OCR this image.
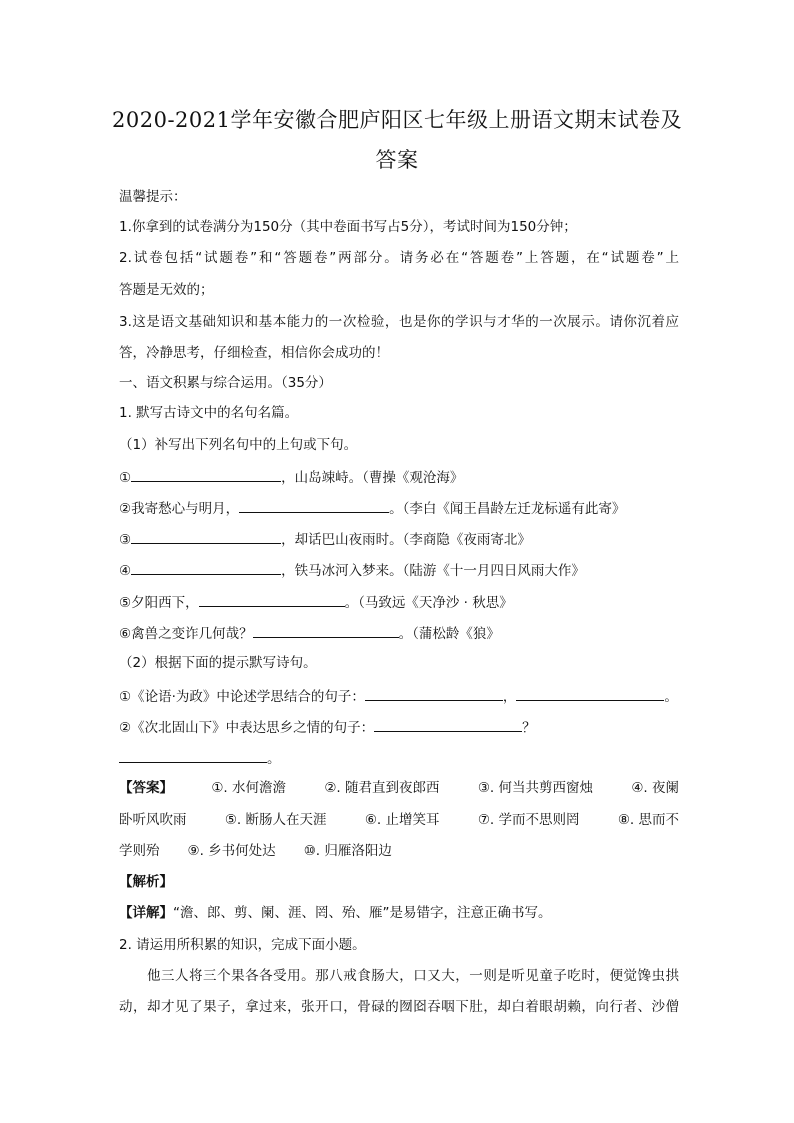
2020-2021学年安徽合肥庐阳区七年级上册语文期末试卷及
答案
温馨提示：
1.你拿到的试卷满分为150分（其中卷面书写占5分），考试时间为150分钟；
2.试卷包括“试题卷”和“答题卷”两部分。请务必在“答题卷”上答题，在“试题卷”上
答题是无效的；
3.这是语文基础知识和基本能力的一次检验，也是你的学识与才华的一次展示。请你沉着应
答，冷静思考，仔细检查，相信你会成功的！
一、语文积累与综合运用。（35分）
1. 默写古诗文中的名句名篇。
（1）补写出下列名句中的上句或下句。
①	，山岛竦峙。（曹操《观沧海》
②我寄愁心与明月，	。（李白《闻王昌龄左迁龙标遥有此寄》
③	，却话巴山夜雨时。（李商隐《夜雨寄北》
④	，铁马冰河入梦来。（陆游《十一月四日风雨大作》
⑤夕阳西下，	。（马致远《天净沙 · 秋思》
⑥禽兽之变诈几何哉？	。（蒲松龄《狼》
（2）根据下面的提示默写诗句。
①《论语·为政》中论述学思结合的句子：	，	。
②《次北固山下》中表达思乡之情的句子：	？
。
【答案】	①. 水何澹澹	②. 随君直到夜郎西	③. 何当共剪西窗烛	④. 夜阑
卧听风吹雨	⑤. 断肠人在天涯	⑥. 止增笑耳	⑦. 学而不思则罔	⑧. 思而不
学则殆 ⑨. 乡书何处达 ⑩. 归雁洛阳边
【解析】
【详解】“澹、郎、剪、阑、涯、罔、殆、雁”是易错字，注意正确书写。
2. 请运用所积累的知识，完成下面小题。
他三人将三个果各各受用。那八戒食肠大，口又大，一则是听见童子吃时，便觉馋虫拱
动，却才见了果子，拿过来，张开口，骨碌的囫囵吞咽下肚，却白着眼胡赖，向行者、沙僧
